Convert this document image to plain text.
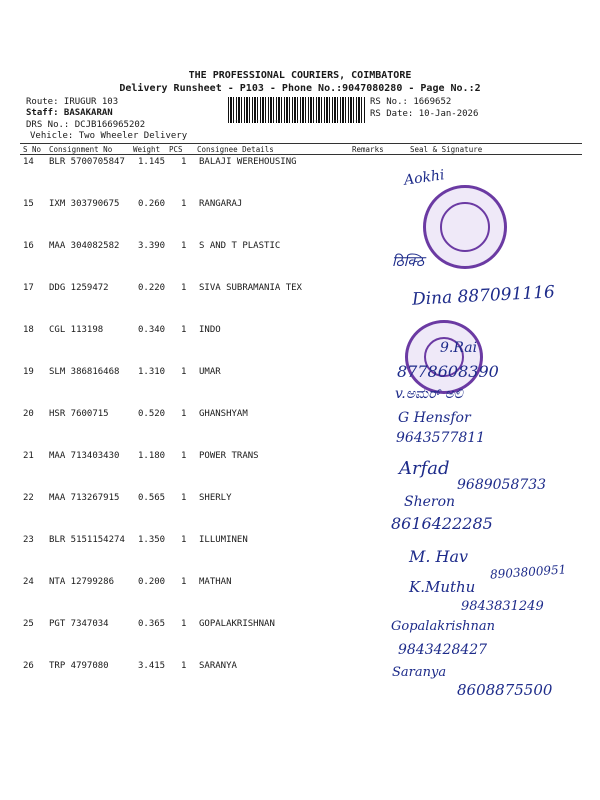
THE PROFESSIONAL COURIERS, COIMBATORE
Delivery Runsheet - P103 - Phone No.:9047080280 - Page No.:2
Route: IRUGUR 103
Staff: BASAKARAN
DRS No.: DCJB166965202
Vehicle: Two Wheeler Delivery
RS No.: 1669652
RS Date: 10-Jan-2026
S No Consignment No	Weight PCS Consignee Details	Remarks	Seal & Signature
14	BLR 5700705847 1.145 1 BALAJI WEREHOUSING
15	IXM 303790675 0.260 1 RANGARAJ
16	MAA 304082582 3.390 1 S AND T PLASTIC
17	DDG 1259472	0.220 1 SIVA SUBRAMANIA TEX
18	CGL 113198	0.340 1 INDO
19	SLM 386816468 1.310 1 UMAR
20	HSR 7600715	0.520 1 GHANSHYAM
21	MAA 713403430 1.180 1 POWER TRANS
22	MAA 713267915 0.565 1 SHERLY
23	BLR 5151154274 1.350 1 ILLUMINEN
24	NTA 12799286	0.200 1 MATHAN
25	PGT 7347034	0.365 1 GOPALAKRISHNAN
26	TRP 4797080	3.415 1 SARANYA
Aokhi
ठिक्ठि
Dina 887091116
9.Rai
8778608390
v.ಅಮರ್ ಅಲಿ
G Hensfor
9643577811
Arfad
9689058733
Sheron
8616422285
M. Hav
8903800951
K.Muthu
9843831249
Gopalakrishnan
9843428427
Saranya
8608875500
